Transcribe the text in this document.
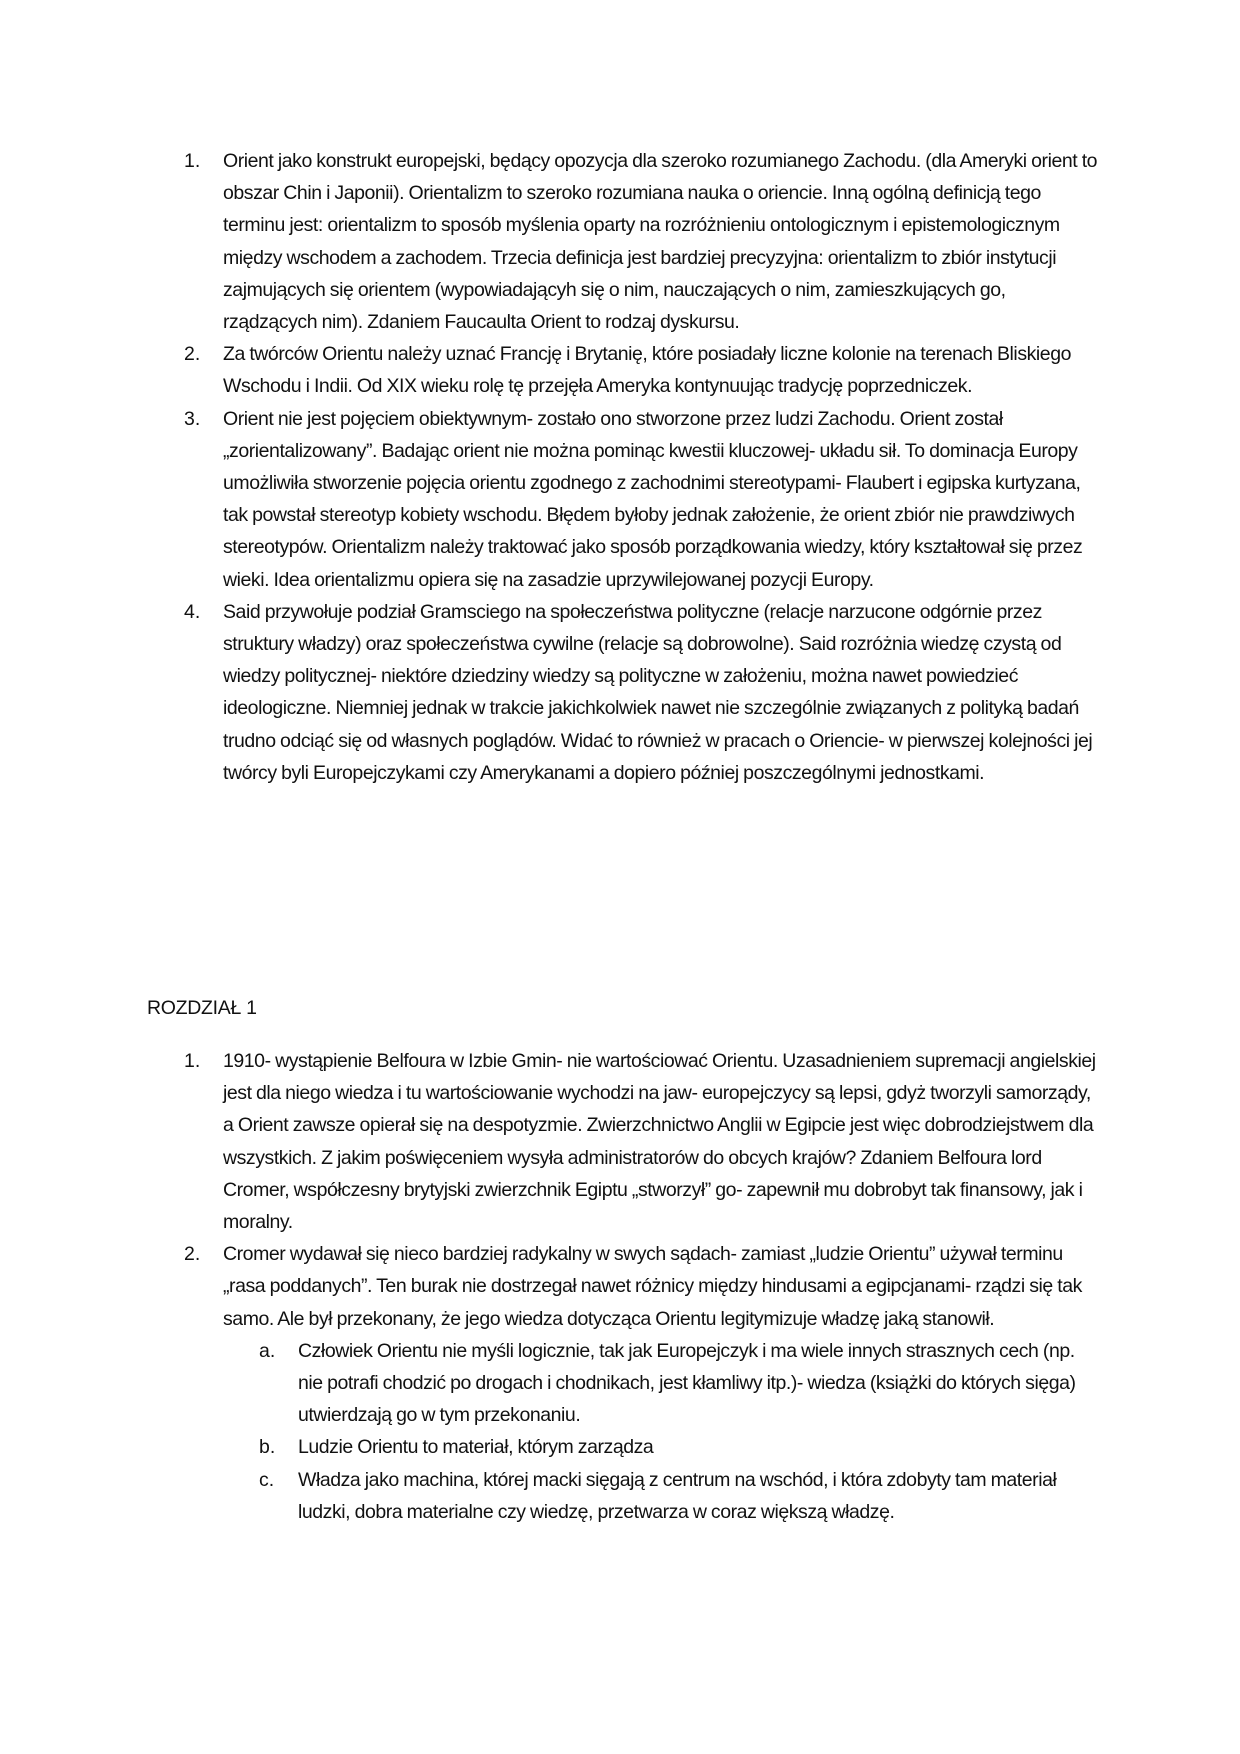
1. Orient jako konstrukt europejski, będący opozycja dla szeroko rozumianego Zachodu. (dla Ameryki orient to obszar Chin i Japonii). Orientalizm to szeroko rozumiana nauka o oriencie. Inną ogólną definicją tego terminu jest: orientalizm to sposób myślenia oparty na rozróżnieniu ontologicznym i epistemologicznym między wschodem a zachodem. Trzecia definicja jest bardziej precyzyjna: orientalizm to zbiór instytucji zajmujących się orientem (wypowiadającyh się o nim, nauczających o nim, zamieszkujących go, rządzących nim). Zdaniem Faucaulta Orient to rodzaj dyskursu.
2. Za twórców Orientu należy uznać Francję i Brytanię, które posiadały liczne kolonie na terenach Bliskiego Wschodu i Indii. Od XIX wieku rolę tę przejęła Ameryka kontynuując tradycję poprzedniczek.
3. Orient nie jest pojęciem obiektywnym- zostało ono stworzone przez ludzi Zachodu. Orient został „zorientalizowany”. Badając orient nie można pominąc kwestii kluczowej- układu sił. To dominacja Europy umożliwiła stworzenie pojęcia orientu zgodnego z zachodnimi stereotypami- Flaubert i egipska kurtyzana, tak powstał stereotyp kobiety wschodu. Błędem byłoby jednak założenie, że orient zbiór nie prawdziwych stereotypów. Orientalizm należy traktować jako sposób porządkowania wiedzy, który kształtował się przez wieki. Idea orientalizmu opiera się na zasadzie uprzywilejowanej pozycji Europy.
4. Said przywołuje podział Gramsciego na społeczeństwa polityczne (relacje narzucone odgórnie przez struktury władzy) oraz społeczeństwa cywilne (relacje są dobrowolne). Said rozróżnia wiedzę czystą od wiedzy politycznej- niektóre dziedziny wiedzy są polityczne w założeniu, można nawet powiedzieć ideologiczne. Niemniej jednak w trakcie jakichkolwiek nawet nie szczególnie związanych z polityką badań trudno odciąć się od własnych poglądów. Widać to również w pracach o Oriencie- w pierwszej kolejności jej twórcy byli Europejczykami czy Amerykanami a dopiero później poszczególnymi jednostkami.
ROZDZIAŁ 1
1. 1910- wystąpienie Belfoura w Izbie Gmin- nie wartościować Orientu. Uzasadnieniem supremacji angielskiej jest dla niego wiedza i tu wartościowanie wychodzi na jaw- europejczycy są lepsi, gdyż tworzyli samorządy, a Orient zawsze opierał się na despotyzmie. Zwierzchnictwo Anglii w Egipcie jest więc dobrodziejstwem dla wszystkich. Z jakim poświęceniem wysyła administratorów do obcych krajów? Zdaniem Belfoura lord Cromer, współczesny brytyjski zwierzchnik Egiptu „stworzył” go- zapewnił mu dobrobyt tak finansowy, jak i moralny.
2. Cromer wydawał się nieco bardziej radykalny w swych sądach- zamiast „ludzie Orientu” używał terminu „rasa poddanych”. Ten burak nie dostrzegał nawet różnicy między hindusami a egipcjanami- rządzi się tak samo. Ale był przekonany, że jego wiedza dotycząca Orientu legitymizuje władzę jaką stanowił.
a. Człowiek Orientu nie myśli logicznie, tak jak Europejczyk i ma wiele innych strasznych cech (np. nie potrafi chodzić po drogach i chodnikach, jest kłamliwy itp.)- wiedza (książki do których sięga) utwierdzają go w tym przekonaniu.
b. Ludzie Orientu to materiał, którym zarządza
c. Władza jako machina, której macki sięgają z centrum na wschód, i która zdobyty tam materiał ludzki, dobra materialne czy wiedzę, przetwarza w coraz większą władzę.
